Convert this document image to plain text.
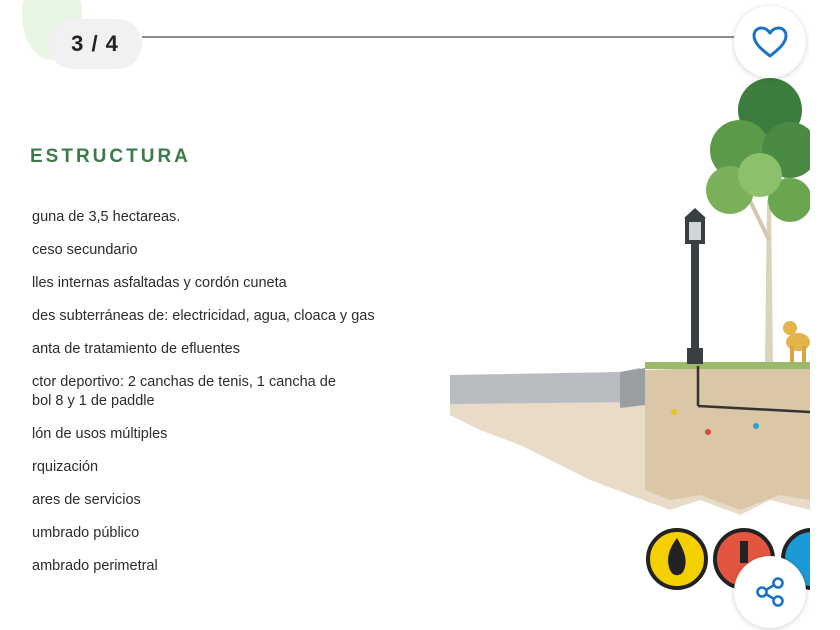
3 / 4
ESTRUCTURA
guna de 3,5 hectareas.
ceso secundario
lles internas asfaltadas y cordón cuneta
des subterráneas de: electricidad, agua, cloaca y gas
anta de tratamiento de efluentes
ctor deportivo: 2 canchas de tenis, 1 cancha de
bol 8 y 1 de paddle
lón de usos múltiples
rquización
ares de servicios
umbrado público
ambrado perimetral
